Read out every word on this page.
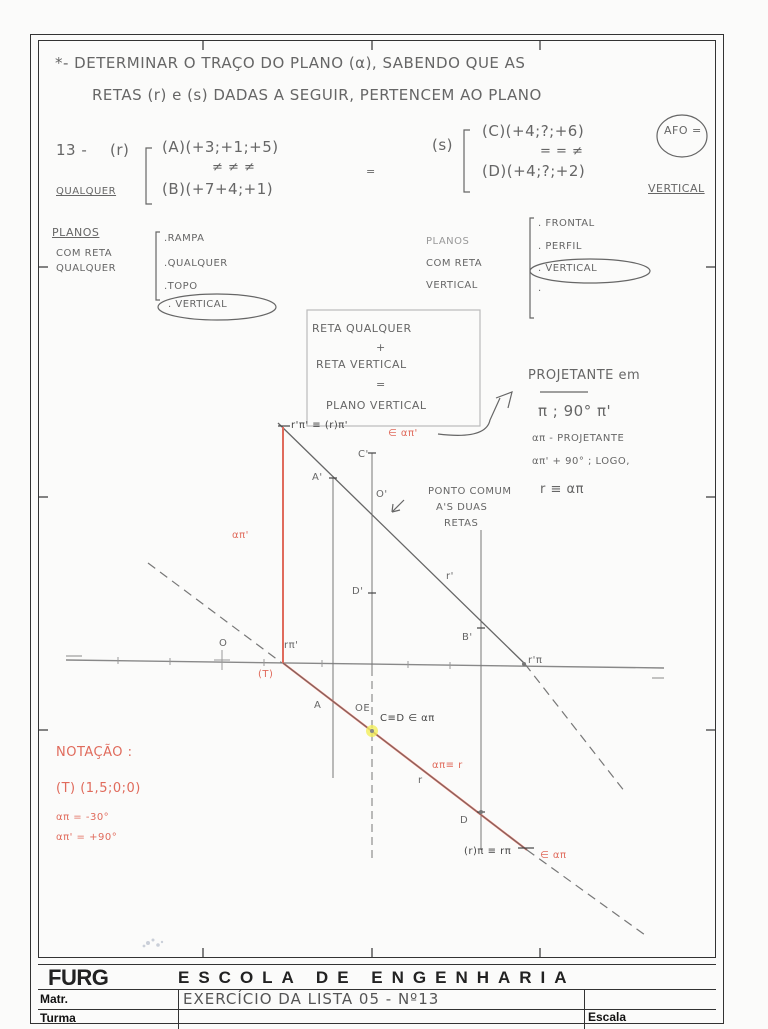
*- DETERMINAR O TRAÇO DO PLANO (α), SABENDO QUE AS
RETAS (r) e (s) DADAS A SEGUIR, PERTENCEM AO PLANO
13 - (r)
QUALQUER
(A)(+3;+1;+5)
≠ ≠ ≠
(B)(+7+4;+1)
=
(s)
(C)(+4;?;+6)
= = ≠
(D)(+4;?;+2)
VERTICAL
AFO =
PLANOS
COM RETA
QUALQUER
.RAMPA
.QUALQUER
.TOPO
. VERTICAL
PLANOS
COM RETA
VERTICAL
. FRONTAL
. PERFIL
. VERTICAL
.
RETA QUALQUER
+
RETA VERTICAL
=
PLANO VERTICAL
PROJETANTE em
π ; 90° π'
απ - PROJETANTE
απ' + 90° ; LOGO,
r ≡ απ
PONTO COMUM
A'S DUAS
RETAS
r'π' ≡ (r)π'
∈ απ'
C'
A'
O'
D'
B'
r'
απ'
O	rπ'
(T)
r'π
A	OE
C≡D ∈ απ
απ≡ r
r
D
(r)π ≡ rπ	∈ απ
NOTAÇÃO :
(T) (1,5;0;0)
απ = -30°
απ' = +90°
FURG	ESCOLA DE ENGENHARIA
Matr.
Turma
EXERCÍCIO DA LISTA 05 - Nº13
Escala
